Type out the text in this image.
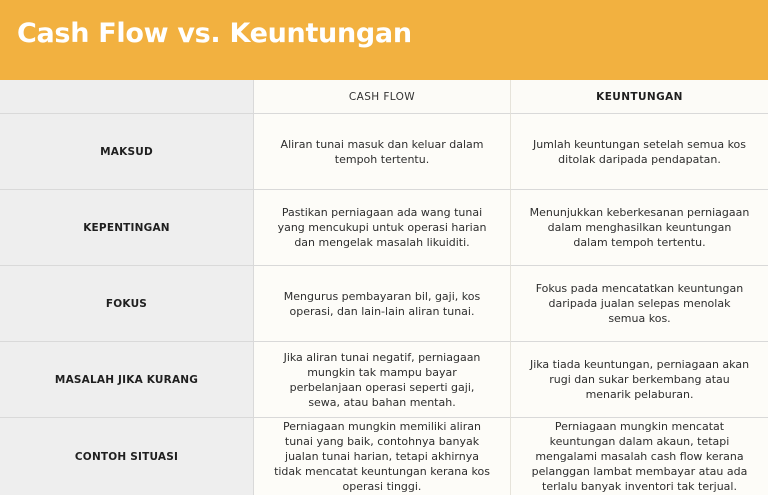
Cash Flow vs. Keuntungan
CASH FLOW	KEUNTUNGAN
MAKSUD
Aliran tunai masuk dan keluar dalam tempoh tertentu.
Jumlah keuntungan setelah semua kos ditolak daripada pendapatan.
KEPENTINGAN
Pastikan perniagaan ada wang tunai yang mencukupi untuk operasi harian dan mengelak masalah likuiditi.
Menunjukkan keberkesanan perniagaan dalam menghasilkan keuntungan dalam tempoh tertentu.
FOKUS
Mengurus pembayaran bil, gaji, kos operasi, dan lain-lain aliran tunai.
Fokus pada mencatatkan keuntungan daripada jualan selepas menolak semua kos.
MASALAH JIKA KURANG
Jika aliran tunai negatif, perniagaan mungkin tak mampu bayar perbelanjaan operasi seperti gaji, sewa, atau bahan mentah.
Jika tiada keuntungan, perniagaan akan rugi dan sukar berkembang atau menarik pelaburan.
CONTOH SITUASI
Perniagaan mungkin memiliki aliran tunai yang baik, contohnya banyak jualan tunai harian, tetapi akhirnya tidak mencatat keuntungan kerana kos operasi tinggi.
Perniagaan mungkin mencatat keuntungan dalam akaun, tetapi mengalami masalah cash flow kerana pelanggan lambat membayar atau ada terlalu banyak inventori tak terjual.
